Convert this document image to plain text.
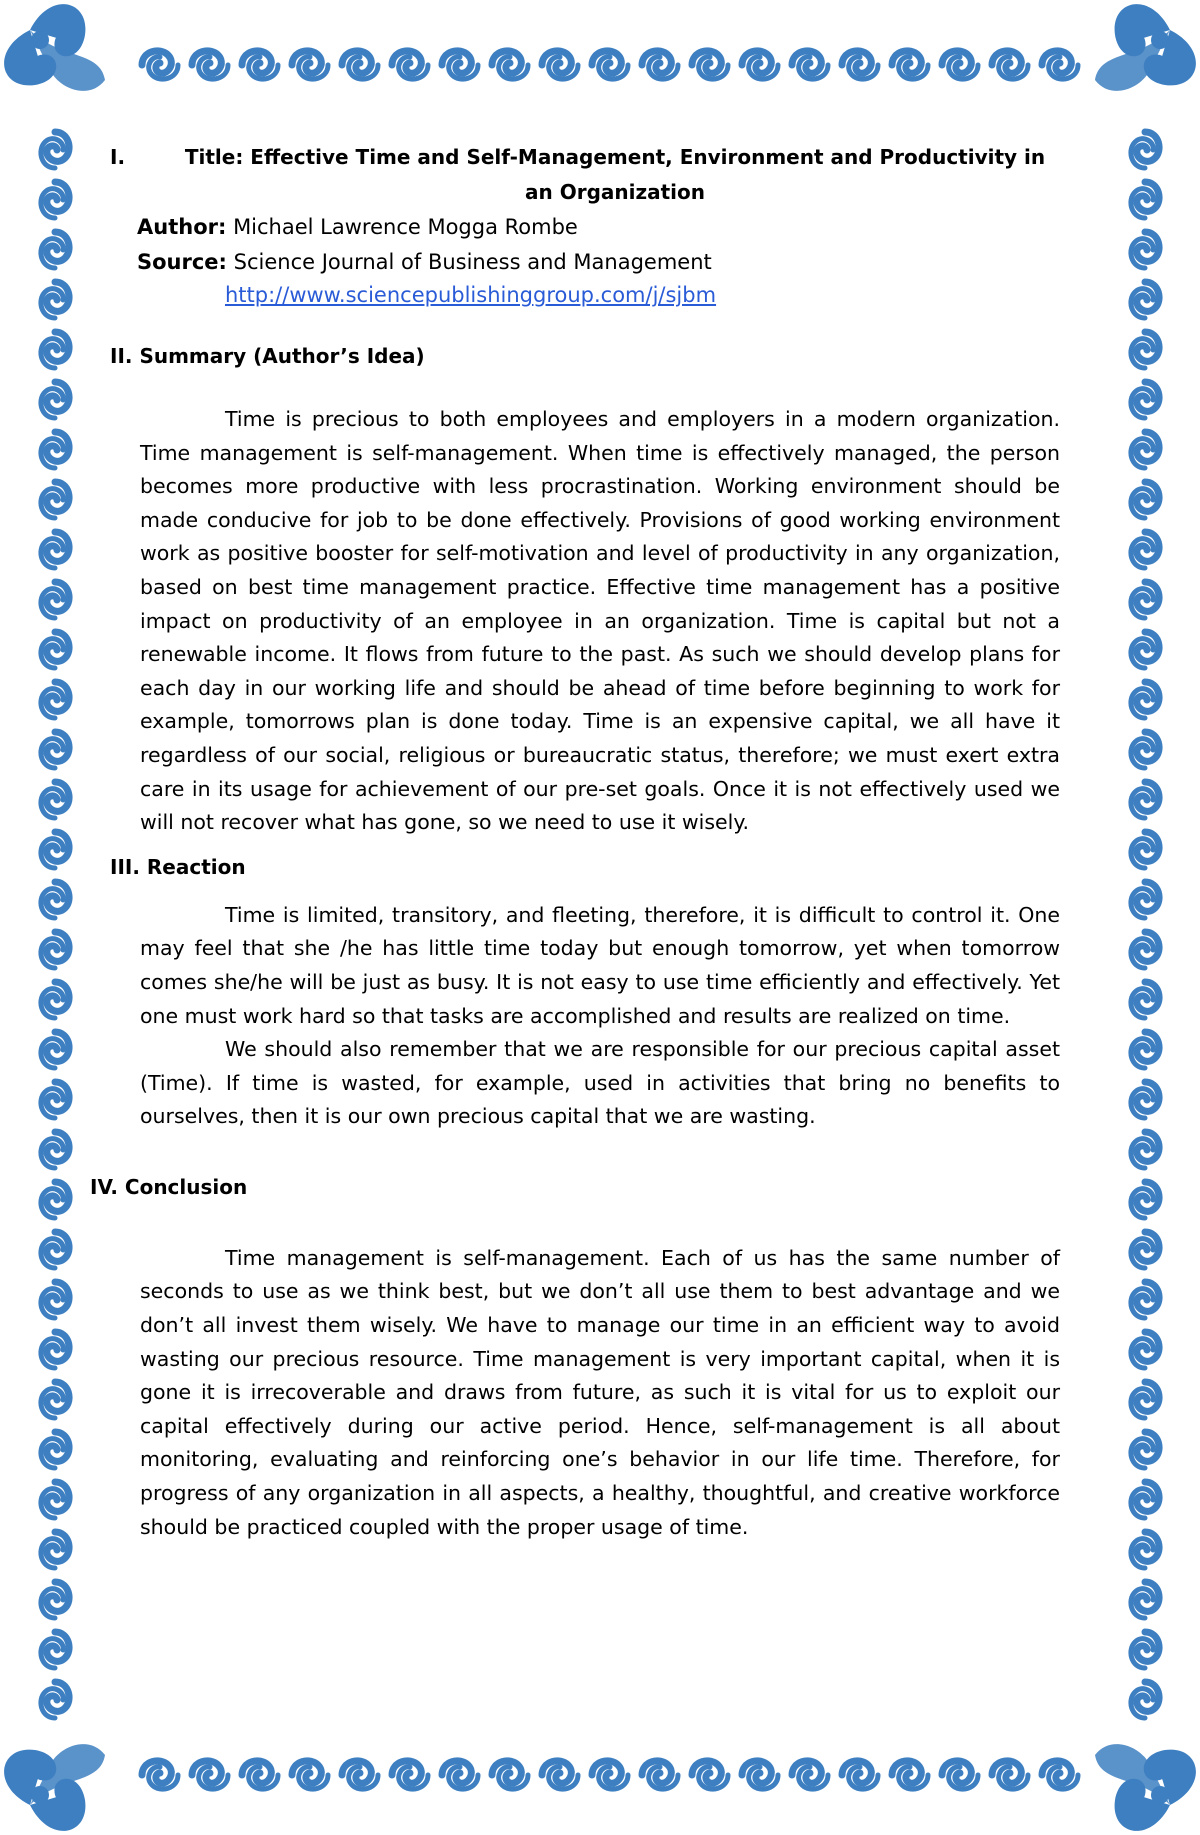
I.	Title: Effective Time and Self-Management, Environment and Productivity in an Organization
Author: Michael Lawrence Mogga Rombe
Source: Science Journal of Business and Management
http://www.sciencepublishinggroup.com/j/sjbm
II. Summary (Author’s Idea)

Time is precious to both employees and employers in a modern organization. Time management is self-management. When time is effectively managed, the person becomes more productive with less procrastination. Working environment should be made conducive for job to be done effectively. Provisions of good working environment work as positive booster for self-motivation and level of productivity in any organization, based on best time management practice. Effective time management has a positive impact on productivity of an employee in an organization. Time is capital but not a renewable income. It flows from future to the past. As such we should develop plans for each day in our working life and should be ahead of time before beginning to work for example, tomorrows plan is done today. Time is an expensive capital, we all have it regardless of our social, religious or bureaucratic status, therefore; we must exert extra care in its usage for achievement of our pre-set goals. Once it is not effectively used we will not recover what has gone, so we need to use it wisely.

III. Reaction

Time is limited, transitory, and fleeting, therefore, it is difficult to control it. One may feel that she /he has little time today but enough tomorrow, yet when tomorrow comes she/he will be just as busy. It is not easy to use time efficiently and effectively. Yet one must work hard so that tasks are accomplished and results are realized on time.

We should also remember that we are responsible for our precious capital asset (Time). If time is wasted, for example, used in activities that bring no benefits to ourselves, then it is our own precious capital that we are wasting.

IV. Conclusion

Time management is self-management. Each of us has the same number of seconds to use as we think best, but we don’t all use them to best advantage and we don’t all invest them wisely. We have to manage our time in an efficient way to avoid wasting our precious resource. Time management is very important capital, when it is gone it is irrecoverable and draws from future, as such it is vital for us to exploit our capital effectively during our active period. Hence, self-management is all about monitoring, evaluating and reinforcing one’s behavior in our life time. Therefore, for progress of any organization in all aspects, a healthy, thoughtful, and creative workforce should be practiced coupled with the proper usage of time.
